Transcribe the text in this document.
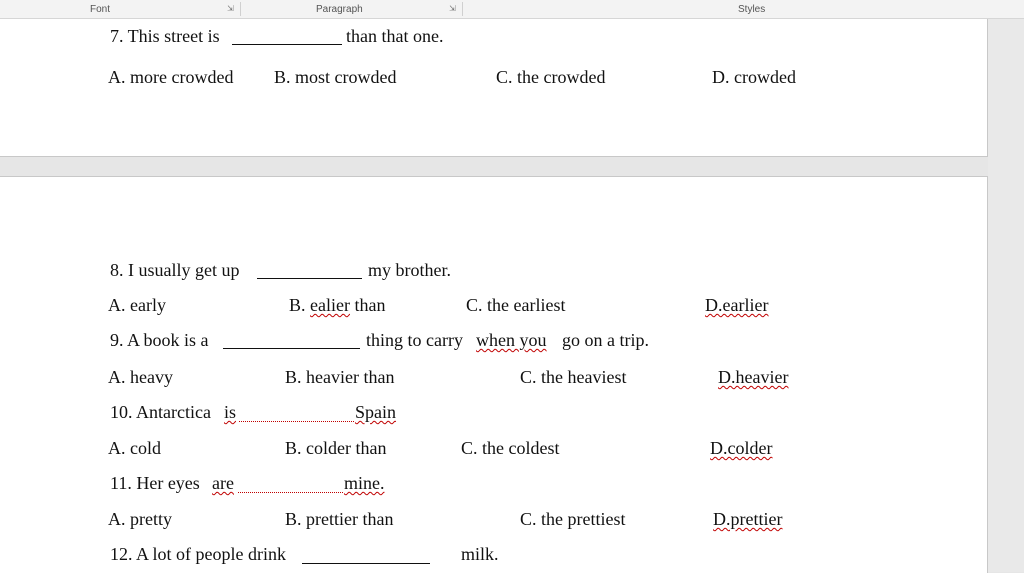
Font	⇲	Paragraph	⇲	Styles
7. This street is	than that one.
A. more crowded B. most crowded	C. the crowded	D. crowded
8. I usually get up	my brother.
A. early	B. ealier than	C. the earliest	D.earlier
9. A book is a	thing to carry when you go on a trip.
A. heavy	B. heavier than	C. the heaviest	D.heavier
10. Antarctica is	Spain
A. cold	B. colder than	C. the coldest	D.colder
11. Her eyes are	mine.
A. pretty	B. prettier than	C. the prettiest	D.prettier
12. A lot of people drink	milk.
